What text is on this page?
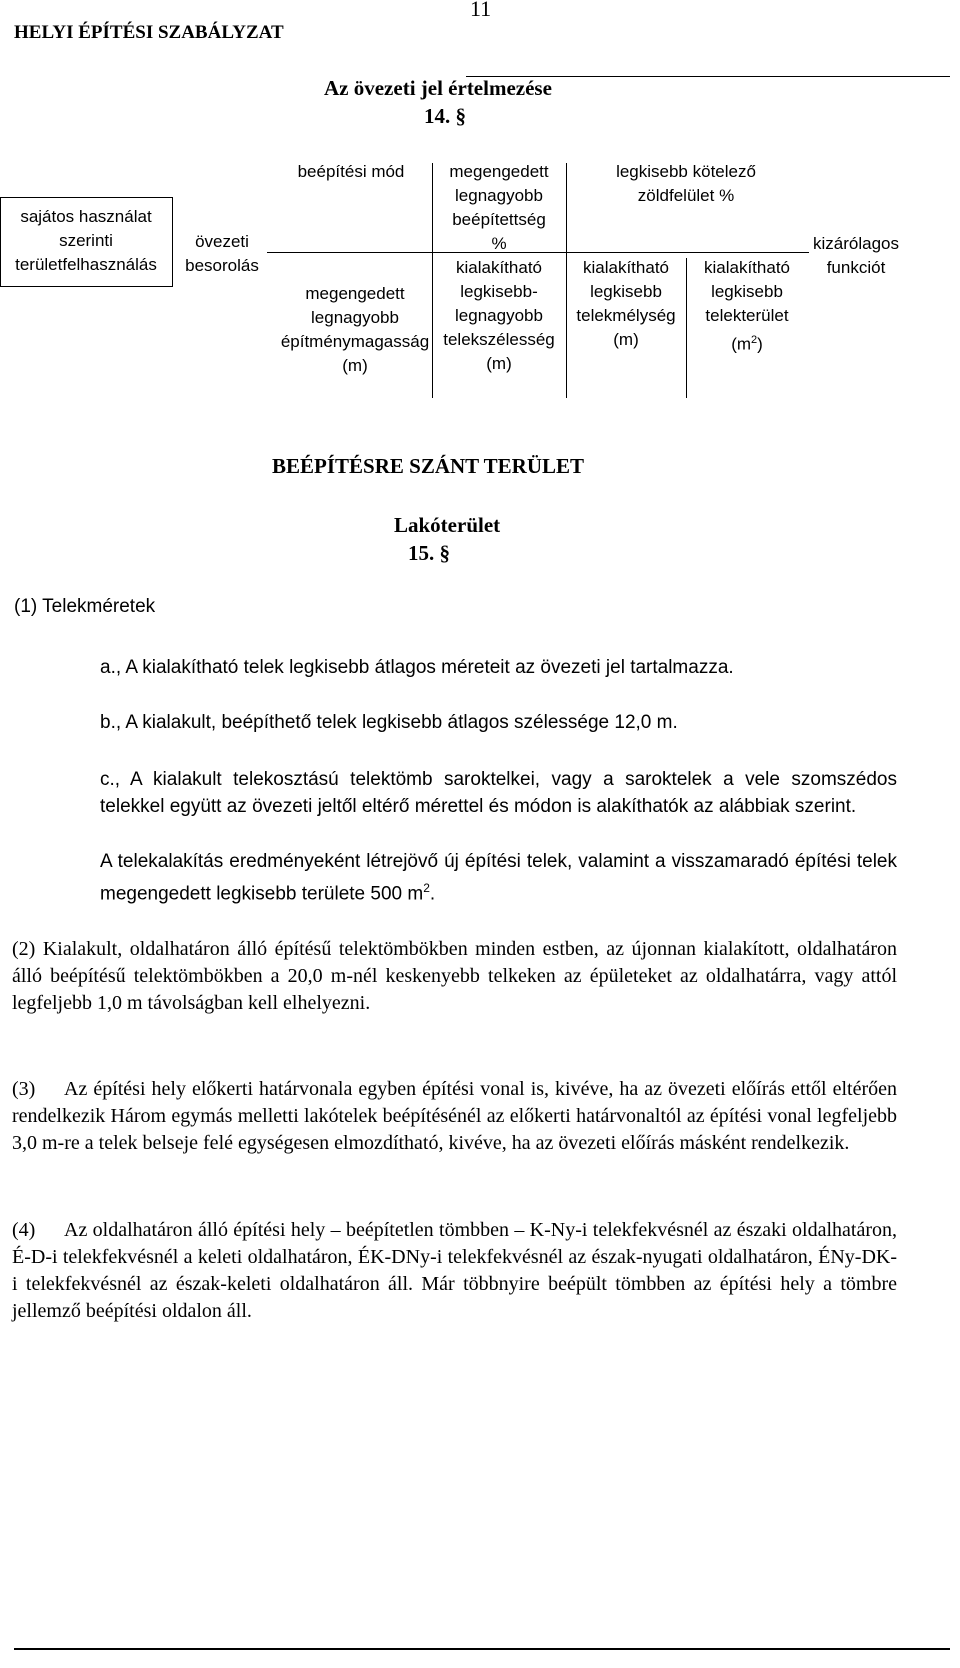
HELYI ÉPÍTÉSI SZABÁLYZAT
11
Az övezeti jel értelmezése
14. §
sajátos használat
szerinti
területfelhasználás
övezeti
besorolás
beépítési mód
megengedett
legnagyobb
építménymagasság
(m)
megengedett
legnagyobb
beépítettség
%
kialakítható
legkisebb-
legnagyobb
telekszélesség
(m)
legkisebb kötelező
zöldfelület %
kialakítható
legkisebb
telekmélység
(m)
kialakítható
legkisebb
telekterület
$(m^2)$
kizárólagos
funkciót
BEÉPÍTÉSRE SZÁNT TERÜLET
Lakóterület
15. §
(1) Telekméretek
a., A kialakítható telek legkisebb átlagos méreteit az övezeti jel tartalmazza.
b., A kialakult, beépíthető telek legkisebb átlagos szélessége 12,0 m.
c., A kialakult telekosztású telektömb saroktelkei, vagy a saroktelek a vele szomszédos telekkel együtt az övezeti jeltől eltérő mérettel és módon is alakíthatók az alábbiak szerint.
A telekalakítás eredményeként létrejövő új építési telek, valamint a visszamaradó építési telek megengedett legkisebb területe 500 $m^2$.
(2) Kialakult, oldalhatáron álló építésű telektömbökben minden estben, az újonnan kialakított, oldalhatáron álló beépítésű telektömbökben a 20,0 m-nél keskenyebb telkeken az épületeket az oldalhatárra, vagy attól legfeljebb 1,0 m távolságban kell elhelyezni.
(3)	Az építési hely előkerti határvonala egyben építési vonal is, kivéve, ha az övezeti előírás ettől eltérően rendelkezik Három egymás melletti lakótelek beépítésénél az előkerti határvonaltól az építési vonal legfeljebb 3,0 m-re a telek belseje felé egységesen elmozdítható, kivéve, ha az övezeti előírás másként rendelkezik.
(4)	Az oldalhatáron álló építési hely – beépítetlen tömbben – K-Ny-i telekfekvésnél az északi oldalhatáron, É-D-i telekfekvésnél a keleti oldalhatáron, ÉK-DNy-i telekfekvésnél az észak-nyugati oldalhatáron, ÉNy-DK-i telekfekvésnél az észak-keleti oldalhatáron áll. Már többnyire beépült tömbben az építési hely a tömbre jellemző beépítési oldalon áll.
